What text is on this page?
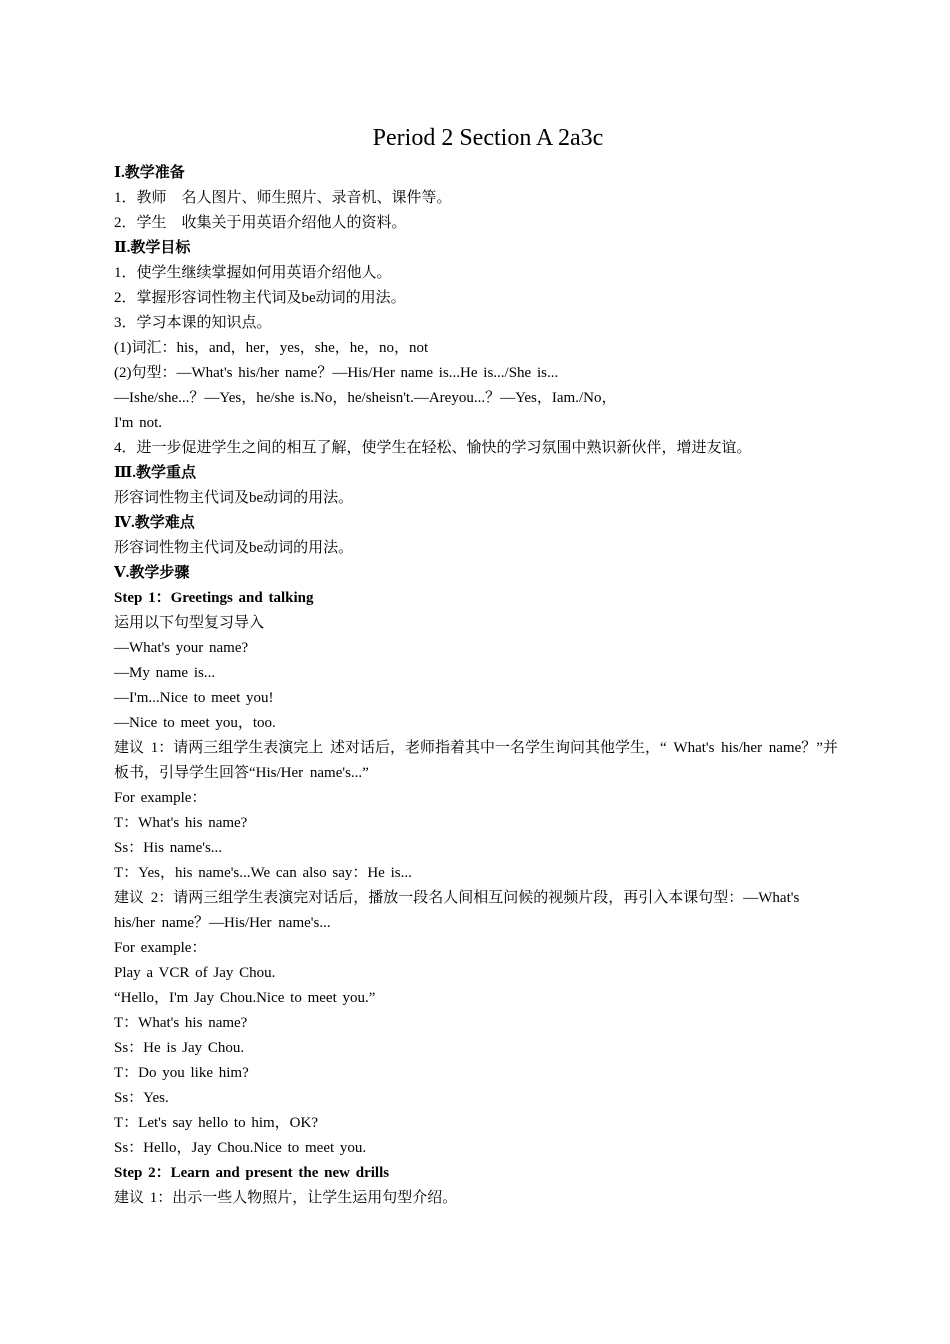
Period 2 Section A 2a3c
Ⅰ.教学准备
1．教师　名人图片、师生照片、录音机、课件等。
2．学生　收集关于用英语介绍他人的资料。
Ⅱ.教学目标
1．使学生继续掌握如何用英语介绍他人。
2．掌握形容词性物主代词及be动词的用法。
3．学习本课的知识点。
(1)词汇：his，and，her，yes，she，he，no，not
(2)句型：—What's his/her name？—His/Her name is...He is.../She is...
—Ishe/she...？—Yes，he/she is.No，he/sheisn't.—Areyou...？—Yes，Iam./No，
I'm not.
4．进一步促进学生之间的相互了解，使学生在轻松、愉快的学习氛围中熟识新伙伴，增进友谊。
Ⅲ.教学重点
形容词性物主代词及be动词的用法。
Ⅳ.教学难点
形容词性物主代词及be动词的用法。
Ⅴ.教学步骤
Step 1：Greetings and talking
运用以下句型复习导入
—What's your name?
—My name is...
—I'm...Nice to meet you!
—Nice to meet you，too.
建议 1：请两三组学生表演完上 述对话后，老师指着其中一名学生询问其他学生，“ What's his/her name？”并板书，引导学生回答“His/Her name's...”
For example：
T：What's his name?
Ss：His name's...
T：Yes，his name's...We can also say：He is...
建议 2：请两三组学生表演完对话后，播放一段名人间相互问候的视频片段，再引入本课句型：—What's his/her name？—His/Her name's...
For example：
Play a VCR of Jay Chou.
“Hello，I'm Jay Chou.Nice to meet you.”
T：What's his name?
Ss：He is Jay Chou.
T：Do you like him?
Ss：Yes.
T：Let's say hello to him，OK?
Ss：Hello，Jay Chou.Nice to meet you.
Step 2：Learn and present the new drills
建议 1：出示一些人物照片，让学生运用句型介绍。
